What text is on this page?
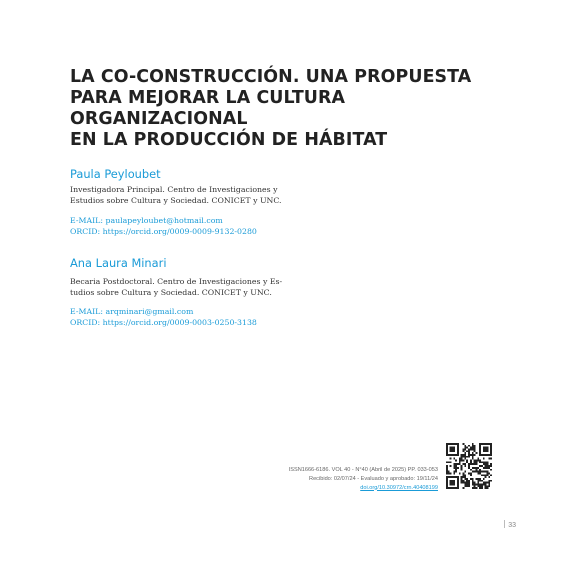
LA CO-CONSTRUCCIÓN. UNA PROPUESTA
PARA MEJORAR LA CULTURA ORGANIZACIONAL
EN LA PRODUCCIÓN DE HÁBITAT

Paula Peyloubet

Investigadora Principal. Centro de Investigaciones y
Estudios sobre Cultura y Sociedad. CONICET y UNC.

E-MAIL: paulapeyloubet@hotmail.com

ORCID: https://orcid.org/0009-0009-9132-0280

Ana Laura Minari

Becaria Postdoctoral. Centro de Investigaciones y Es-
tudios sobre Cultura y Sociedad. CONICET y UNC.

E-MAIL: arqminari@gmail.com

ORCID: https://orcid.org/0009-0003-0250-3138

ISSN1666-6186. VOL 40 - N°40 (Abril de 2025) PP. 033-053
Recibido: 02/07/24 - Evaluado y aprobado: 19/11/24
doi.org/10.30972/crn.40408199
33
